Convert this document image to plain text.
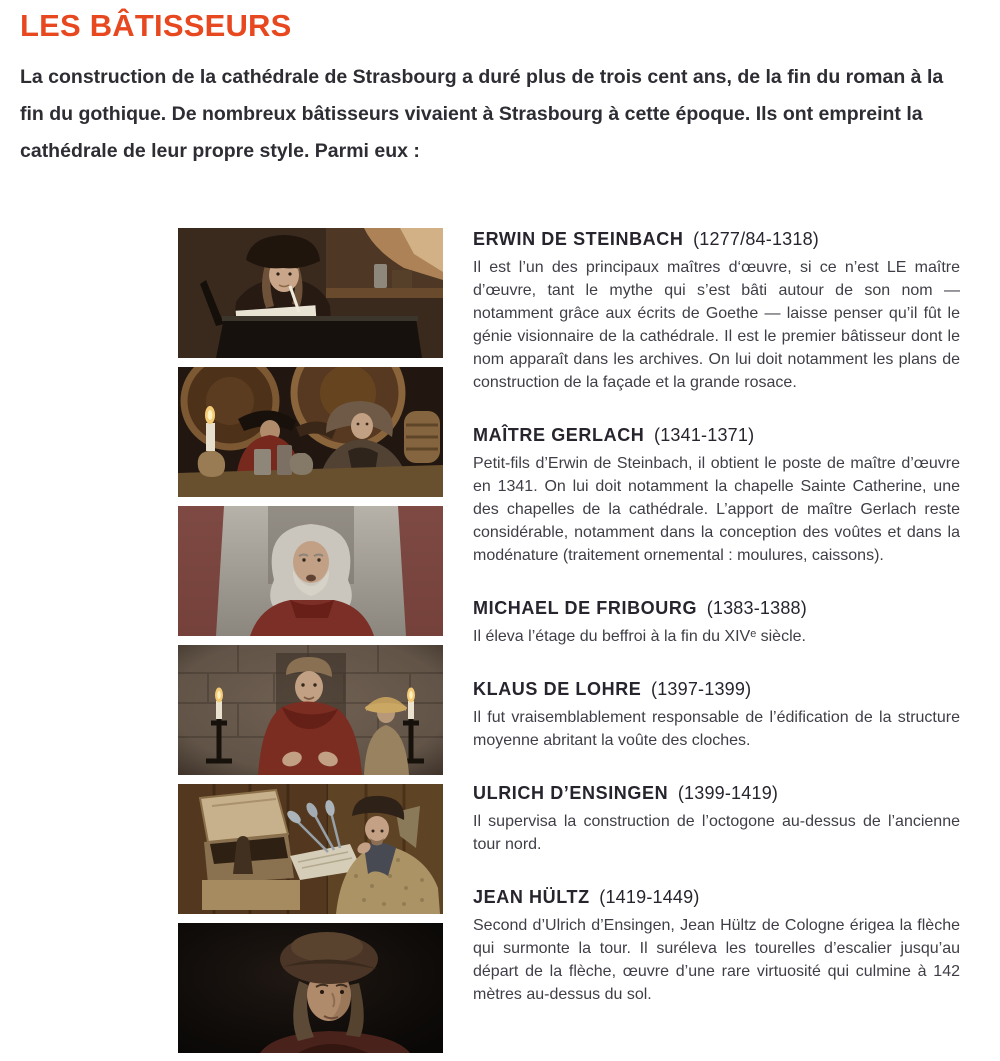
LES BÂTISSEURS

La construction de la cathédrale de Strasbourg a duré plus de trois cent ans, de la fin du roman à la fin du gothique. De nombreux bâtisseurs vivaient à Strasbourg à cette époque. Ils ont empreint la cathédrale de leur propre style. Parmi eux :

ERWIN DE STEINBACH (1277/84-1318)

Il est l’un des principaux maîtres d‘œuvre, si ce n’est LE maître d’œuvre, tant le mythe qui s’est bâti autour de son nom — notamment grâce aux écrits de Goethe — laisse penser qu’il fût le génie visionnaire de la cathédrale. Il est le premier bâtisseur dont le nom apparaît dans les archives. On lui doit notamment les plans de construction de la façade et la grande rosace.

MAÎTRE GERLACH (1341-1371)

Petit-fils d’Erwin de Steinbach, il obtient le poste de maître d’œuvre en 1341. On lui doit notamment la chapelle Sainte Catherine, une des chapelles de la cathédrale. L’apport de maître Gerlach reste considérable, notamment dans la conception des voûtes et dans la modénature (traitement ornemental : moulures, caissons).

MICHAEL DE FRIBOURG (1383-1388)

Il éleva l’étage du beffroi à la fin du XIVᵉ siècle.

KLAUS DE LOHRE (1397-1399)

Il fut vraisemblablement responsable de l’édification de la structure moyenne abritant la voûte des cloches.

ULRICH D’ENSINGEN (1399-1419)

Il supervisa la construction de l’octogone au-dessus de l’ancienne tour nord.

JEAN HÜLTZ (1419-1449)

Second d’Ulrich d’Ensingen, Jean Hültz de Cologne érigea la flèche qui surmonte la tour. Il suréleva les tourelles d’escalier jusqu’au départ de la flèche, œuvre d’une rare virtuosité qui culmine à 142 mètres au-dessus du sol.
